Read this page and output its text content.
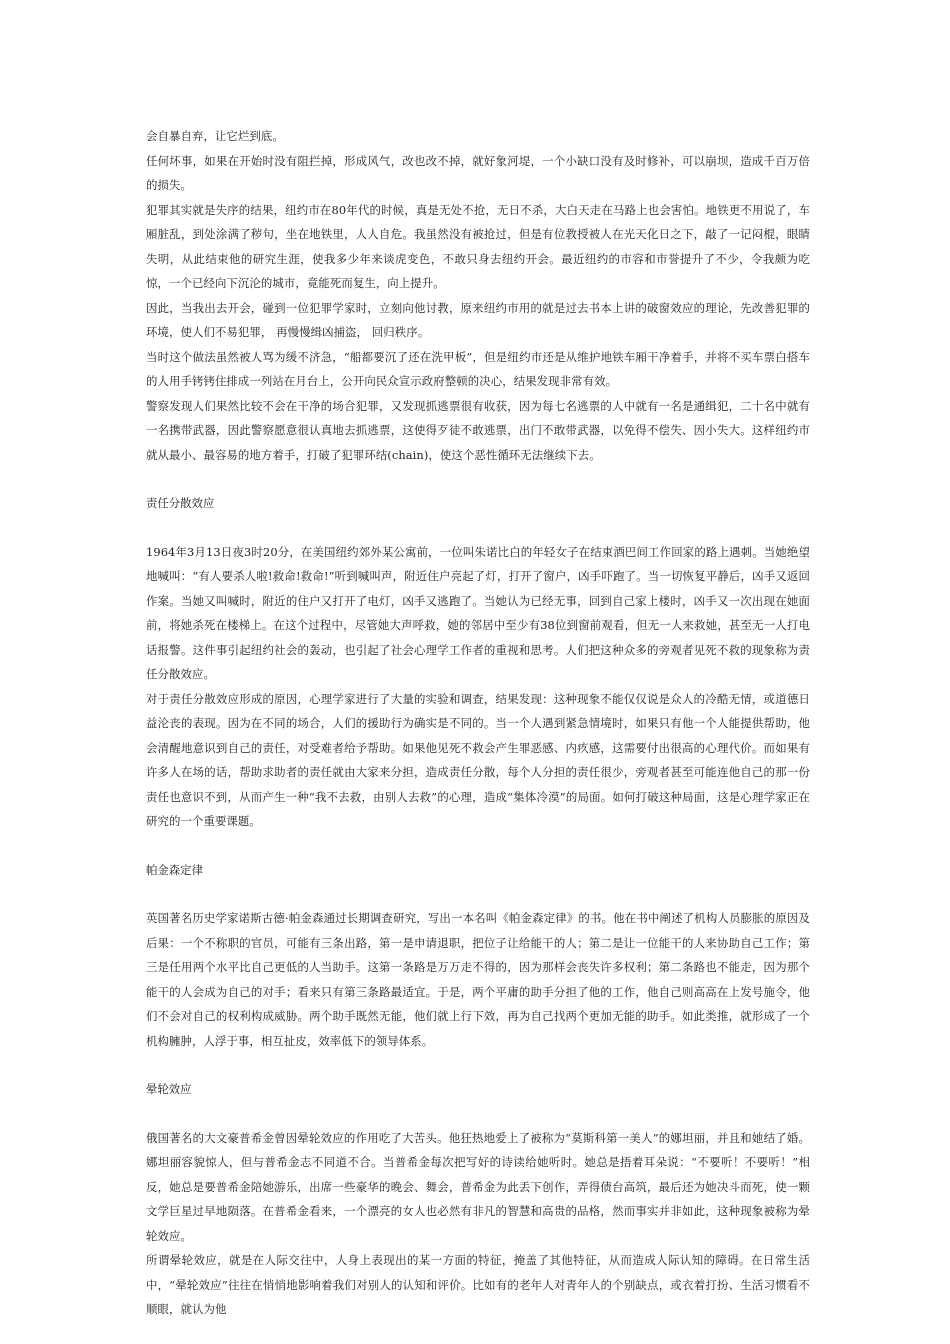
会自暴自弃，让它烂到底。

任何坏事，如果在开始时没有阻拦掉，形成风气，改也改不掉，就好象河堤，一个小缺口没有及时修补，可以崩坝，造成千百万倍的损失。

犯罪其实就是失序的结果，纽约市在80年代的时候，真是无处不抢，无日不杀，大白天走在马路上也会害怕。地铁更不用说了，车厢脏乱，到处涂满了秽句，坐在地铁里，人人自危。我虽然没有被抢过，但是有位教授被人在光天化日之下，敲了一记闷棍，眼睛失明，从此结束他的研究生涯，使我多少年来谈虎变色，不敢只身去纽约开会。最近纽约的市容和市誉提升了不少，令我颇为吃惊，一个已经向下沉沦的城市，竟能死而复生，向上提升。

因此，当我出去开会，碰到一位犯罪学家时，立刻向他讨教，原来纽约市用的就是过去书本上讲的破窗效应的理论，先改善犯罪的环境，使人们不易犯罪， 再慢慢缉凶捕盗， 回归秩序。

当时这个做法虽然被人骂为缓不济急，“船都要沉了还在洗甲板”，但是纽约市还是从维护地铁车厢干净着手，并将不买车票白搭车的人用手铐铐住排成一列站在月台上，公开向民众宣示政府整顿的决心，结果发现非常有效。

警察发现人们果然比较不会在干净的场合犯罪，又发现抓逃票很有收获，因为每七名逃票的人中就有一名是通缉犯，二十名中就有一名携带武器，因此警察愿意很认真地去抓逃票，这使得歹徒不敢逃票，出门不敢带武器，以免得不偿失、因小失大。这样纽约市就从最小、最容易的地方着手，打破了犯罪环结(chain)，使这个恶性循环无法继续下去。

责任分散效应

1964年3月13日夜3时20分，在美国纽约郊外某公寓前，一位叫朱诺比白的年轻女子在结束酒巴间工作回家的路上遇刺。当她绝望地喊叫：“有人要杀人啦!救命!救命!”听到喊叫声，附近住户亮起了灯，打开了窗户，凶手吓跑了。当一切恢复平静后，凶手又返回作案。当她又叫喊时，附近的住户又打开了电灯，凶手又逃跑了。当她认为已经无事，回到自己家上楼时，凶手又一次出现在她面前，将她杀死在楼梯上。在这个过程中，尽管她大声呼救，她的邻居中至少有38位到窗前观看，但无一人来救她，甚至无一人打电话报警。这件事引起纽约社会的轰动，也引起了社会心理学工作者的重视和思考。人们把这种众多的旁观者见死不救的现象称为责任分散效应。

对于责任分散效应形成的原因，心理学家进行了大量的实验和调查，结果发现：这种现象不能仅仅说是众人的冷酷无情，或道德日益沦丧的表现。因为在不同的场合，人们的援助行为确实是不同的。当一个人遇到紧急情境时，如果只有他一个人能提供帮助，他会清醒地意识到自己的责任，对受难者给予帮助。如果他见死不救会产生罪恶感、内疚感，这需要付出很高的心理代价。而如果有许多人在场的话，帮助求助者的责任就由大家来分担，造成责任分散，每个人分担的责任很少，旁观者甚至可能连他自己的那一份责任也意识不到，从而产生一种“我不去救，由别人去救”的心理，造成“集体冷漠”的局面。如何打破这种局面，这是心理学家正在研究的一个重要课题。

帕金森定律

英国著名历史学家诺斯古德·帕金森通过长期调查研究，写出一本名叫《帕金森定律》的书。他在书中阐述了机构人员膨胀的原因及后果：一个不称职的官员，可能有三条出路，第一是申请退职，把位子让给能干的人；第二是让一位能干的人来协助自己工作；第三是任用两个水平比自己更低的人当助手。这第一条路是万万走不得的，因为那样会丧失许多权利；第二条路也不能走，因为那个能干的人会成为自己的对手；看来只有第三条路最适宜。于是，两个平庸的助手分担了他的工作，他自己则高高在上发号施令，他们不会对自己的权利构成威胁。两个助手既然无能，他们就上行下效，再为自己找两个更加无能的助手。如此类推，就形成了一个机构臃肿，人浮于事，相互扯皮，效率低下的领导体系。

晕轮效应

俄国著名的大文豪普希金曾因晕轮效应的作用吃了大苦头。他狂热地爱上了被称为“莫斯科第一美人”的娜坦丽，并且和她结了婚。娜坦丽容貌惊人，但与普希金志不同道不合。当普希金每次把写好的诗读给她听时。她总是捂着耳朵说：“不要听！不要听！”相反，她总是要普希金陪她游乐，出席一些豪华的晚会、舞会，普希金为此丢下创作，弄得债台高筑，最后还为她决斗而死，使一颗文学巨星过早地陨落。在普希金看来，一个漂亮的女人也必然有非凡的智慧和高贵的品格，然而事实并非如此，这种现象被称为晕轮效应。

所谓晕轮效应，就是在人际交往中，人身上表现出的某一方面的特征，掩盖了其他特征，从而造成人际认知的障碍。在日常生活中，“晕轮效应”往往在悄悄地影响着我们对别人的认知和评价。比如有的老年人对青年人的个别缺点，或衣着打扮、生活习惯看不顺眼，就认为他
